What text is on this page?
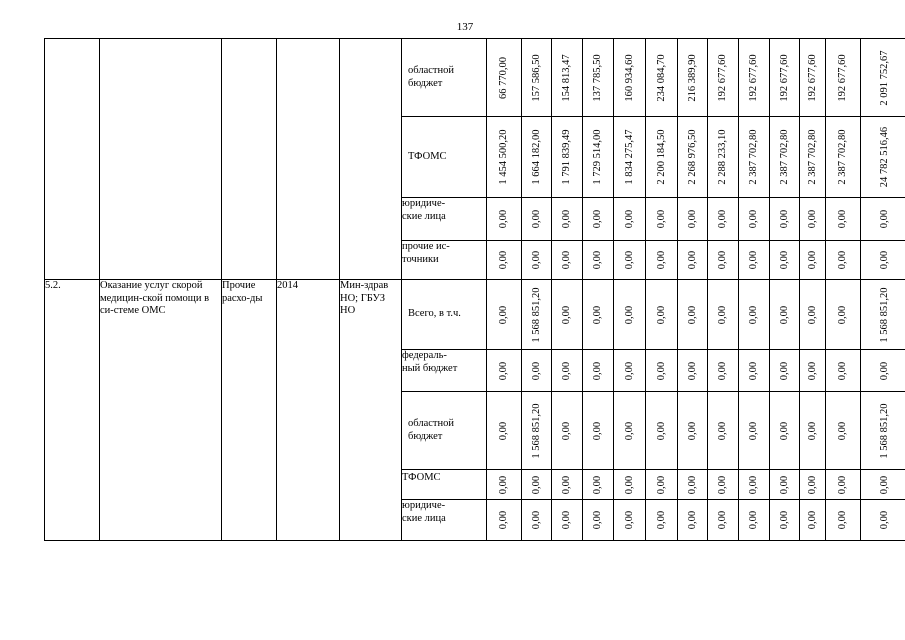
137
					областной бюджет	66 770,00	157 586,50	154 813,47	137 785,50	160 934,60	234 084,70	216 389,90	192 677,60	192 677,60	192 677,60	192 677,60	192 677,60	2 091 752,67

					ТФОМС	1 454 500,20	1 664 182,00	1 791 839,49	1 729 514,00	1 834 275,47	2 200 184,50	2 268 976,50	2 288 233,10	2 387 702,80	2 387 702,80	2 387 702,80	2 387 702,80	24 782 516,46

					юридиче-
ские лица	0,00	0,00	0,00	0,00	0,00	0,00	0,00	0,00	0,00	0,00	0,00	0,00	0,00

					прочие ис-
точники	0,00	0,00	0,00	0,00	0,00	0,00	0,00	0,00	0,00	0,00	0,00	0,00	0,00

5.2.	Оказание услуг скорой медицин-ской помощи в си-стеме ОМС	Прочие расхо-ды	2014	Мин-здрав НО; ГБУЗ НО	Всего, в т.ч.	0,00	1 568 851,20	0,00	0,00	0,00	0,00	0,00	0,00	0,00	0,00	0,00	0,00	1 568 851,20

					федераль-
ный бюджет	0,00	0,00	0,00	0,00	0,00	0,00	0,00	0,00	0,00	0,00	0,00	0,00	0,00

					областной бюджет	0,00	1 568 851,20	0,00	0,00	0,00	0,00	0,00	0,00	0,00	0,00	0,00	0,00	1 568 851,20

					ТФОМС	0,00	0,00	0,00	0,00	0,00	0,00	0,00	0,00	0,00	0,00	0,00	0,00	0,00

					юридиче-
ские лица	0,00	0,00	0,00	0,00	0,00	0,00	0,00	0,00	0,00	0,00	0,00	0,00	0,00
